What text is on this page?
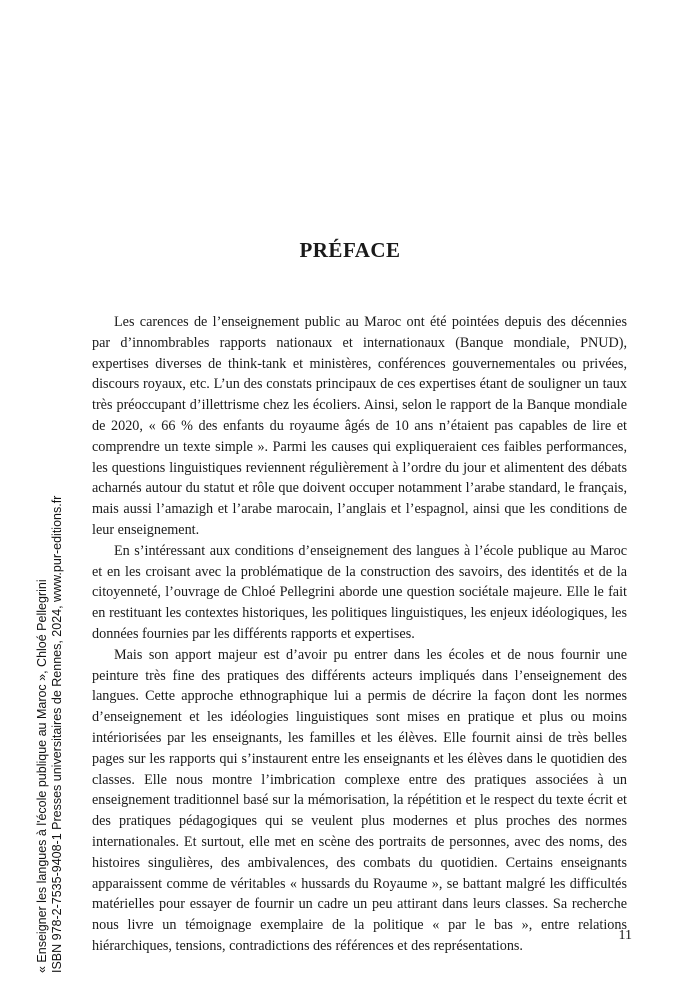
PRÉFACE

Les carences de l’enseignement public au Maroc ont été pointées depuis des décennies par d’innombrables rapports nationaux et internationaux (Banque mondiale, PNUD), expertises diverses de think-tank et ministères, conférences gouvernementales ou privées, discours royaux, etc. L’un des constats principaux de ces expertises étant de souligner un taux très préoccupant d’illettrisme chez les écoliers. Ainsi, selon le rapport de la Banque mondiale de 2020, « 66 % des enfants du royaume âgés de 10 ans n’étaient pas capables de lire et comprendre un texte simple ». Parmi les causes qui expliqueraient ces faibles performances, les questions linguistiques reviennent régulièrement à l’ordre du jour et alimentent des débats acharnés autour du statut et rôle que doivent occuper notamment l’arabe standard, le français, mais aussi l’amazigh et l’arabe marocain, l’anglais et l’espagnol, ainsi que les conditions de leur enseignement.

En s’intéressant aux conditions d’enseignement des langues à l’école publique au Maroc et en les croisant avec la problématique de la construction des savoirs, des identités et de la citoyenneté, l’ouvrage de Chloé Pellegrini aborde une question sociétale majeure. Elle le fait en restituant les contextes historiques, les politiques linguistiques, les enjeux idéologiques, les données fournies par les différents rapports et expertises.

Mais son apport majeur est d’avoir pu entrer dans les écoles et de nous fournir une peinture très fine des pratiques des différents acteurs impliqués dans l’enseignement des langues. Cette approche ethnographique lui a permis de décrire la façon dont les normes d’enseignement et les idéologies linguistiques sont mises en pratique et plus ou moins intériorisées par les enseignants, les familles et les élèves. Elle fournit ainsi de très belles pages sur les rapports qui s’instaurent entre les enseignants et les élèves dans le quotidien des classes. Elle nous montre l’imbrication complexe entre des pratiques associées à un enseignement traditionnel basé sur la mémorisation, la répétition et le respect du texte écrit et des pratiques pédagogiques qui se veulent plus modernes et plus proches des normes internationales. Et surtout, elle met en scène des portraits de personnes, avec des noms, des histoires singulières, des ambivalences, des combats du quotidien. Certains enseignants apparaissent comme de véritables « hussards du Royaume », se battant malgré les difficultés matérielles pour essayer de fournir un cadre un peu attirant dans leurs classes. Sa recherche nous livre un témoignage exemplaire de la politique « par le bas », entre relations hiérarchiques, tensions, contradictions des références et des représentations.

11
« Enseigner les langues à l'école publique au Maroc », Chloé Pellegrini ISBN 978-2-7535-9408-1 Presses universitaires de Rennes, 2024, www.pur-editions.fr
